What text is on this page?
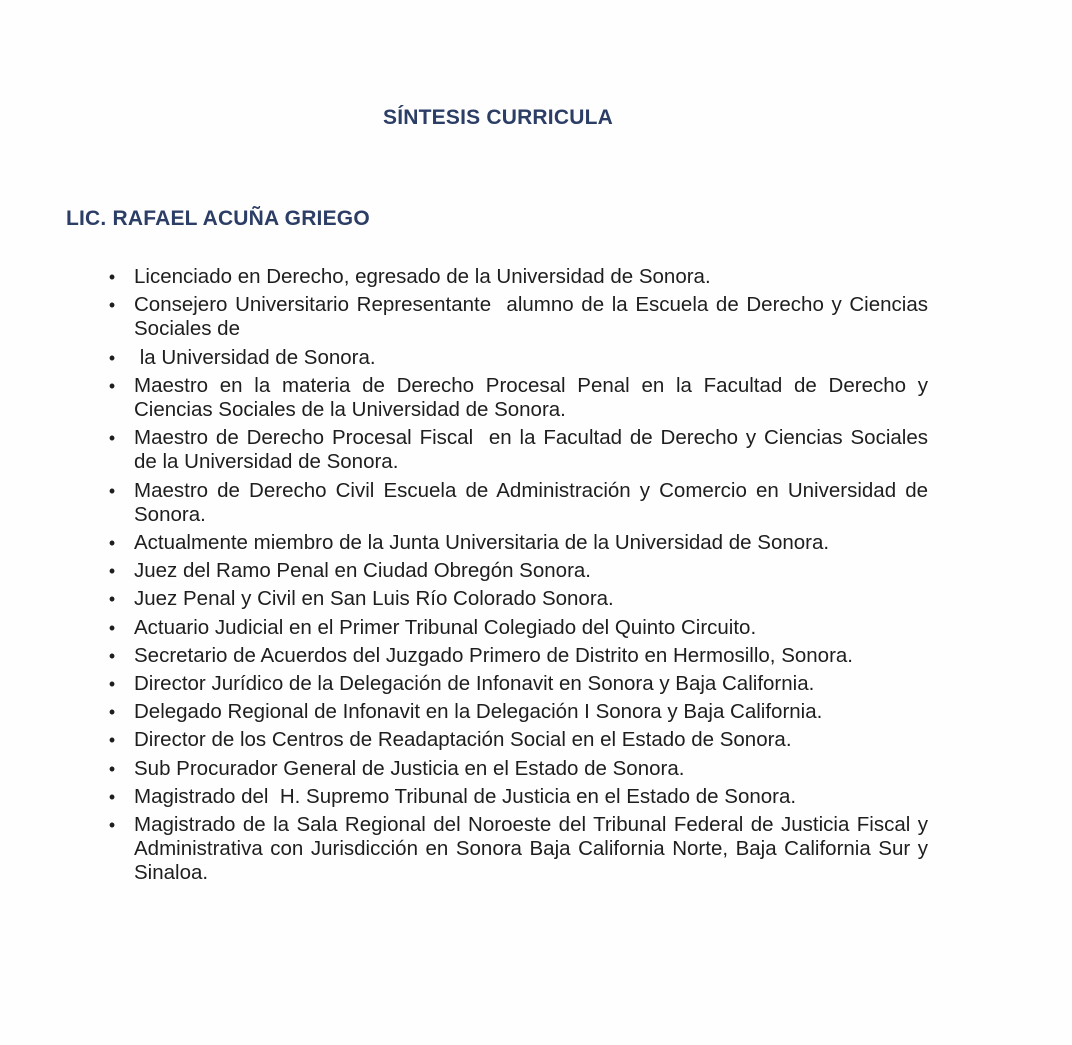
SÍNTESIS CURRICULA
LIC. RAFAEL ACUÑA GRIEGO
• Licenciado en Derecho, egresado de la Universidad de Sonora.
• Consejero Universitario Representante  alumno de la Escuela de Derecho y Ciencias Sociales de
• la Universidad de Sonora.
• Maestro en la materia de Derecho Procesal Penal en la Facultad de Derecho y Ciencias Sociales de la Universidad de Sonora.
• Maestro de Derecho Procesal Fiscal  en la Facultad de Derecho y Ciencias Sociales de la Universidad de Sonora.
• Maestro de Derecho Civil Escuela de Administración y Comercio en Universidad de Sonora.
• Actualmente miembro de la Junta Universitaria de la Universidad de Sonora.
• Juez del Ramo Penal en Ciudad Obregón Sonora.
• Juez Penal y Civil en San Luis Río Colorado Sonora.
• Actuario Judicial en el Primer Tribunal Colegiado del Quinto Circuito.
• Secretario de Acuerdos del Juzgado Primero de Distrito en Hermosillo, Sonora.
• Director Jurídico de la Delegación de Infonavit en Sonora y Baja California.
• Delegado Regional de Infonavit en la Delegación I Sonora y Baja California.
• Director de los Centros de Readaptación Social en el Estado de Sonora.
• Sub Procurador General de Justicia en el Estado de Sonora.
• Magistrado del  H. Supremo Tribunal de Justicia en el Estado de Sonora.
• Magistrado de la Sala Regional del Noroeste del Tribunal Federal de Justicia Fiscal y Administrativa con Jurisdicción en Sonora Baja California Norte, Baja California Sur y Sinaloa.
